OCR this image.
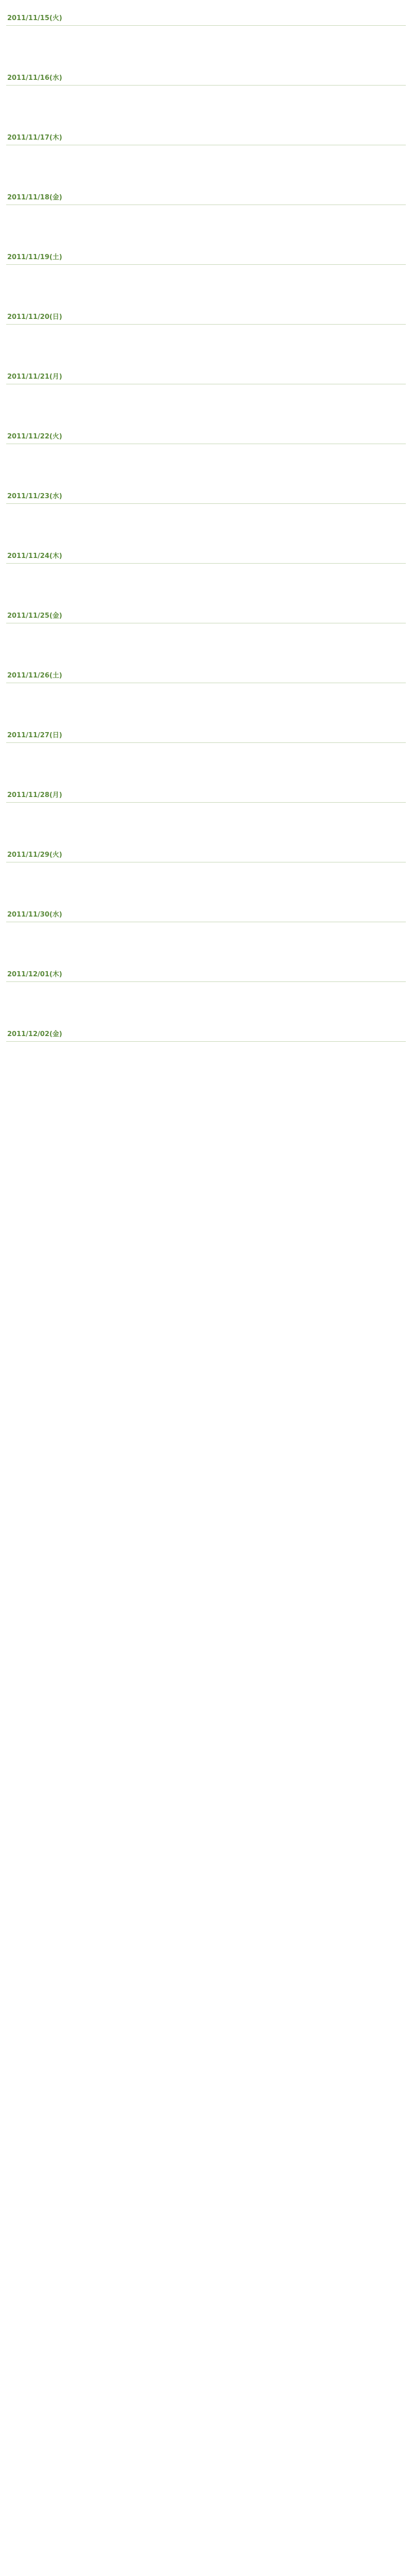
2011/11/15(火)
2011/11/16(水)
2011/11/17(木)
2011/11/18(金)
2011/11/19(土)
2011/11/20(日)
2011/11/21(月)
2011/11/22(火)
2011/11/23(水)
2011/11/24(木)
2011/11/25(金)
2011/11/26(土)
2011/11/27(日)
2011/11/28(月)
2011/11/29(火)
2011/11/30(水)
2011/12/01(木)
2011/12/02(金)
